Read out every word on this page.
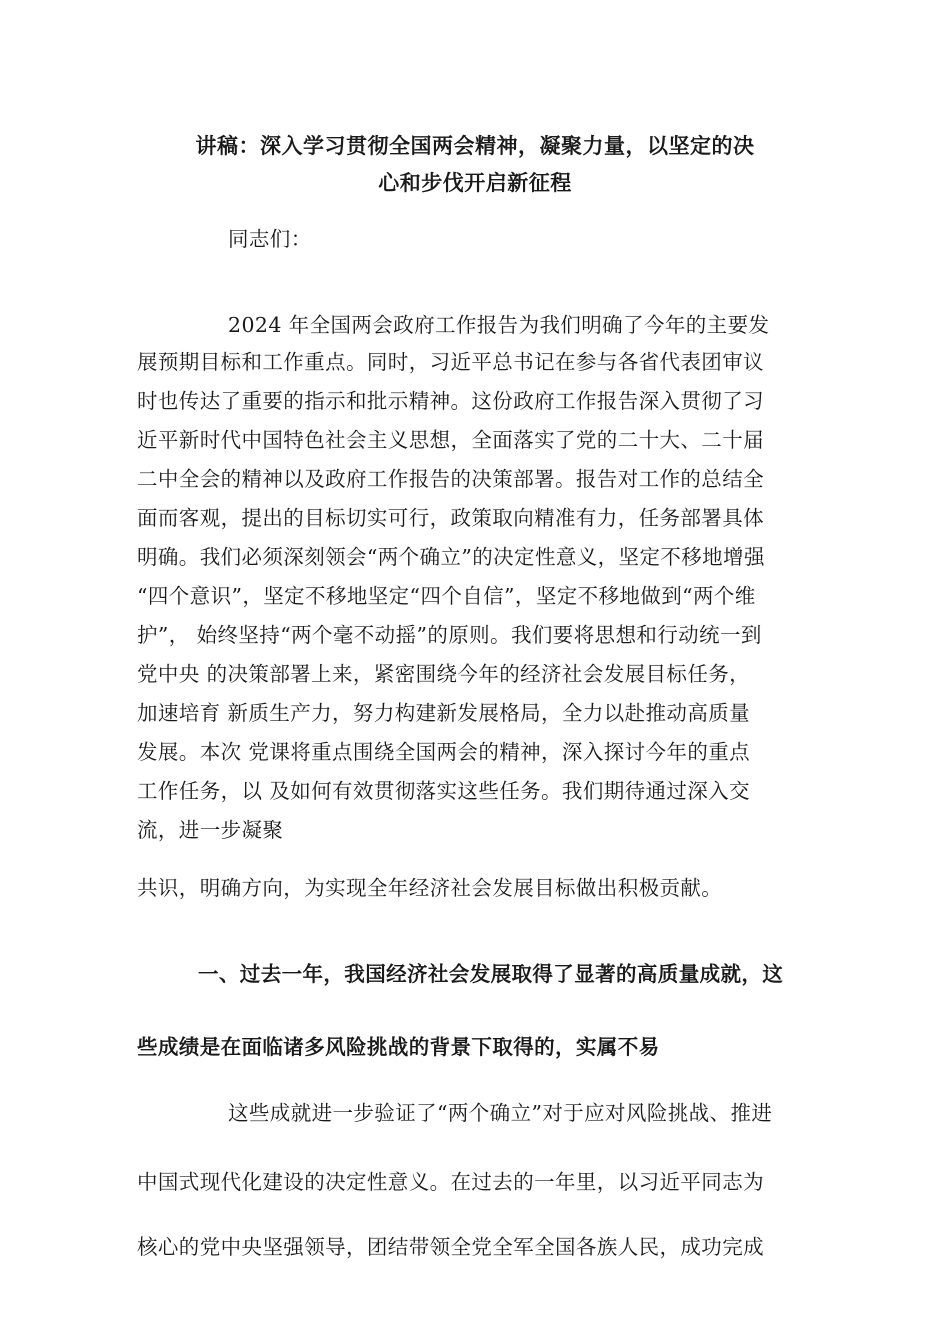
讲稿：深入学习贯彻全国两会精神，凝聚力量，以坚定的决
心和步伐开启新征程
同志们：
2024 年全国两会政府工作报告为我们明确了今年的主要发
展预期目标和工作重点。同时，习近平总书记在参与各省代表团审议
时也传达了重要的指示和批示精神。这份政府工作报告深入贯彻了习
近平新时代中国特色社会主义思想，全面落实了党的二十大、二十届
二中全会的精神以及政府工作报告的决策部署。报告对工作的总结全
面而客观，提出的目标切实可行，政策取向精准有力，任务部署具体
明确。我们必须深刻领会“两个确立”的决定性意义，坚定不移地增强
“四个意识”，坚定不移地坚定“四个自信”，坚定不移地做到“两个维
护”， 始终坚持“两个毫不动摇”的原则。我们要将思想和行动统一到
党中央 的决策部署上来，紧密围绕今年的经济社会发展目标任务，
加速培育 新质生产力，努力构建新发展格局，全力以赴推动高质量
发展。本次 党课将重点围绕全国两会的精神，深入探讨今年的重点
工作任务，以 及如何有效贯彻落实这些任务。我们期待通过深入交
流，进一步凝聚
共识，明确方向，为实现全年经济社会发展目标做出积极贡献。
一、过去一年，我国经济社会发展取得了显著的高质量成就，这
些成绩是在面临诸多风险挑战的背景下取得的，实属不易
这些成就进一步验证了“两个确立”对于应对风险挑战、推进
中国式现代化建设的决定性意义。在过去的一年里，以习近平同志为
核心的党中央坚强领导，团结带领全党全军全国各族人民，成功完成
